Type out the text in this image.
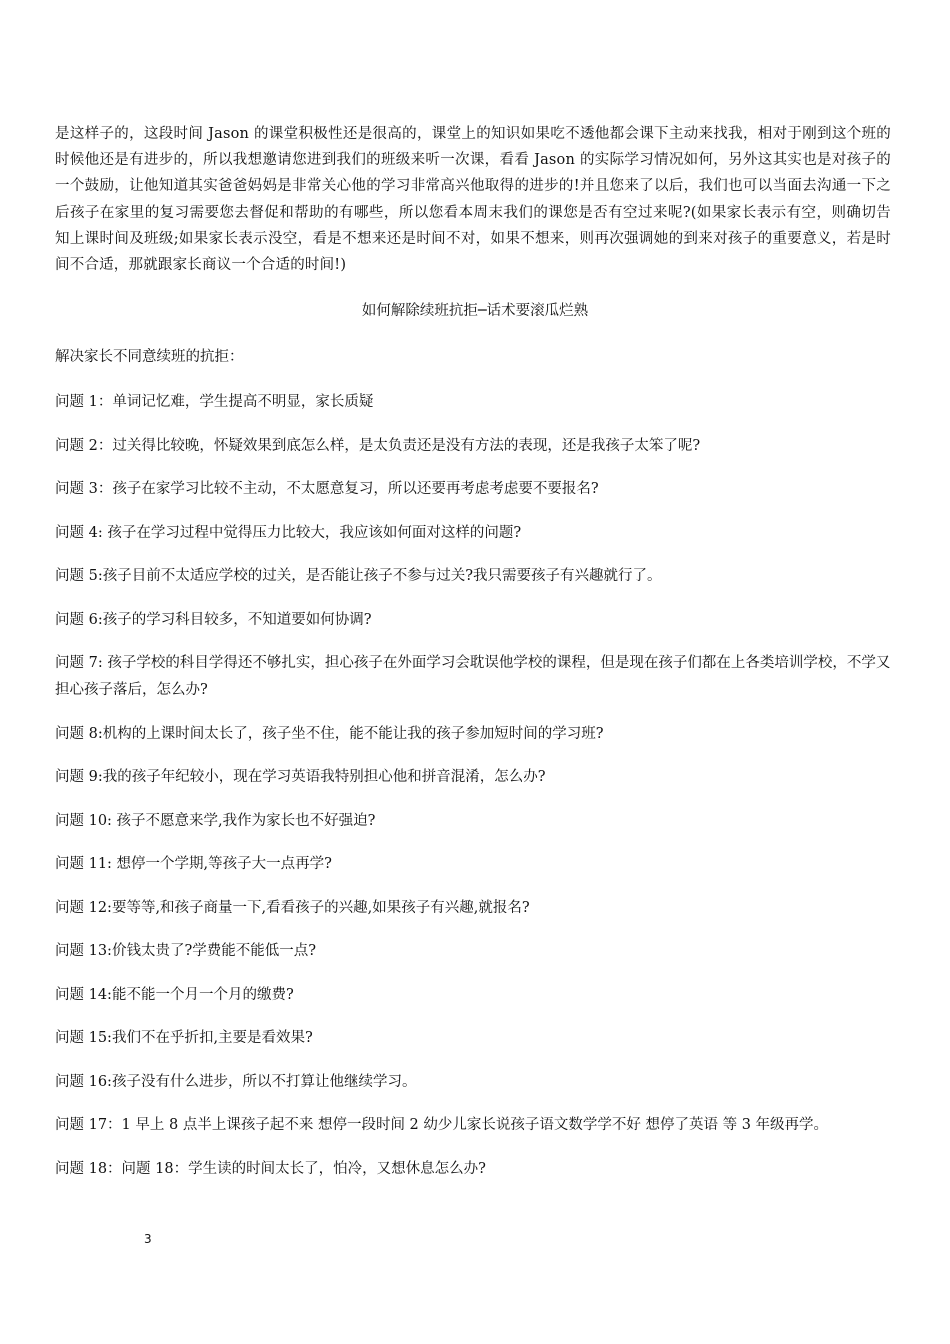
是这样子的，这段时间 Jason 的课堂积极性还是很高的，课堂上的知识如果吃不透他都会课下主动来找我，相对于刚到这个班的时候他还是有进步的，所以我想邀请您进到我们的班级来听一次课，看看 Jason 的实际学习情况如何，另外这其实也是对孩子的一个鼓励，让他知道其实爸爸妈妈是非常关心他的学习非常高兴他取得的进步的!并且您来了以后，我们也可以当面去沟通一下之后孩子在家里的复习需要您去督促和帮助的有哪些，所以您看本周末我们的课您是否有空过来呢?(如果家长表示有空，则确切告知上课时间及班级;如果家长表示没空，看是不想来还是时间不对，如果不想来，则再次强调她的到来对孩子的重要意义，若是时间不合适，那就跟家长商议一个合适的时间!)

如何解除续班抗拒─话术要滚瓜烂熟

解决家长不同意续班的抗拒：

问题 1：单词记忆难，学生提高不明显，家长质疑
问题 2：过关得比较晚，怀疑效果到底怎么样，是太负责还是没有方法的表现，还是我孩子太笨了呢?
问题 3：孩子在家学习比较不主动，不太愿意复习，所以还要再考虑考虑要不要报名?
问题 4: 孩子在学习过程中觉得压力比较大，我应该如何面对这样的问题?
问题 5:孩子目前不太适应学校的过关，是否能让孩子不参与过关?我只需要孩子有兴趣就行了。
问题 6:孩子的学习科目较多，不知道要如何协调?
问题 7: 孩子学校的科目学得还不够扎实，担心孩子在外面学习会耽误他学校的课程，但是现在孩子们都在上各类培训学校，不学又担心孩子落后，怎么办?
问题 8:机构的上课时间太长了，孩子坐不住，能不能让我的孩子参加短时间的学习班?
问题 9:我的孩子年纪较小，现在学习英语我特别担心他和拼音混淆，怎么办?
问题 10: 孩子不愿意来学,我作为家长也不好强迫?
问题 11: 想停一个学期,等孩子大一点再学?
问题 12:要等等,和孩子商量一下,看看孩子的兴趣,如果孩子有兴趣,就报名?
问题 13:价钱太贵了?学费能不能低一点?
问题 14:能不能一个月一个月的缴费?
问题 15:我们不在乎折扣,主要是看效果?
问题 16:孩子没有什么进步，所以不打算让他继续学习。
问题 17：1 早上 8 点半上课孩子起不来 想停一段时间 2 幼少儿家长说孩子语文数学学不好 想停了英语 等 3 年级再学。
问题 18：问题 18：学生读的时间太长了，怕冷，又想休息怎么办?

3
